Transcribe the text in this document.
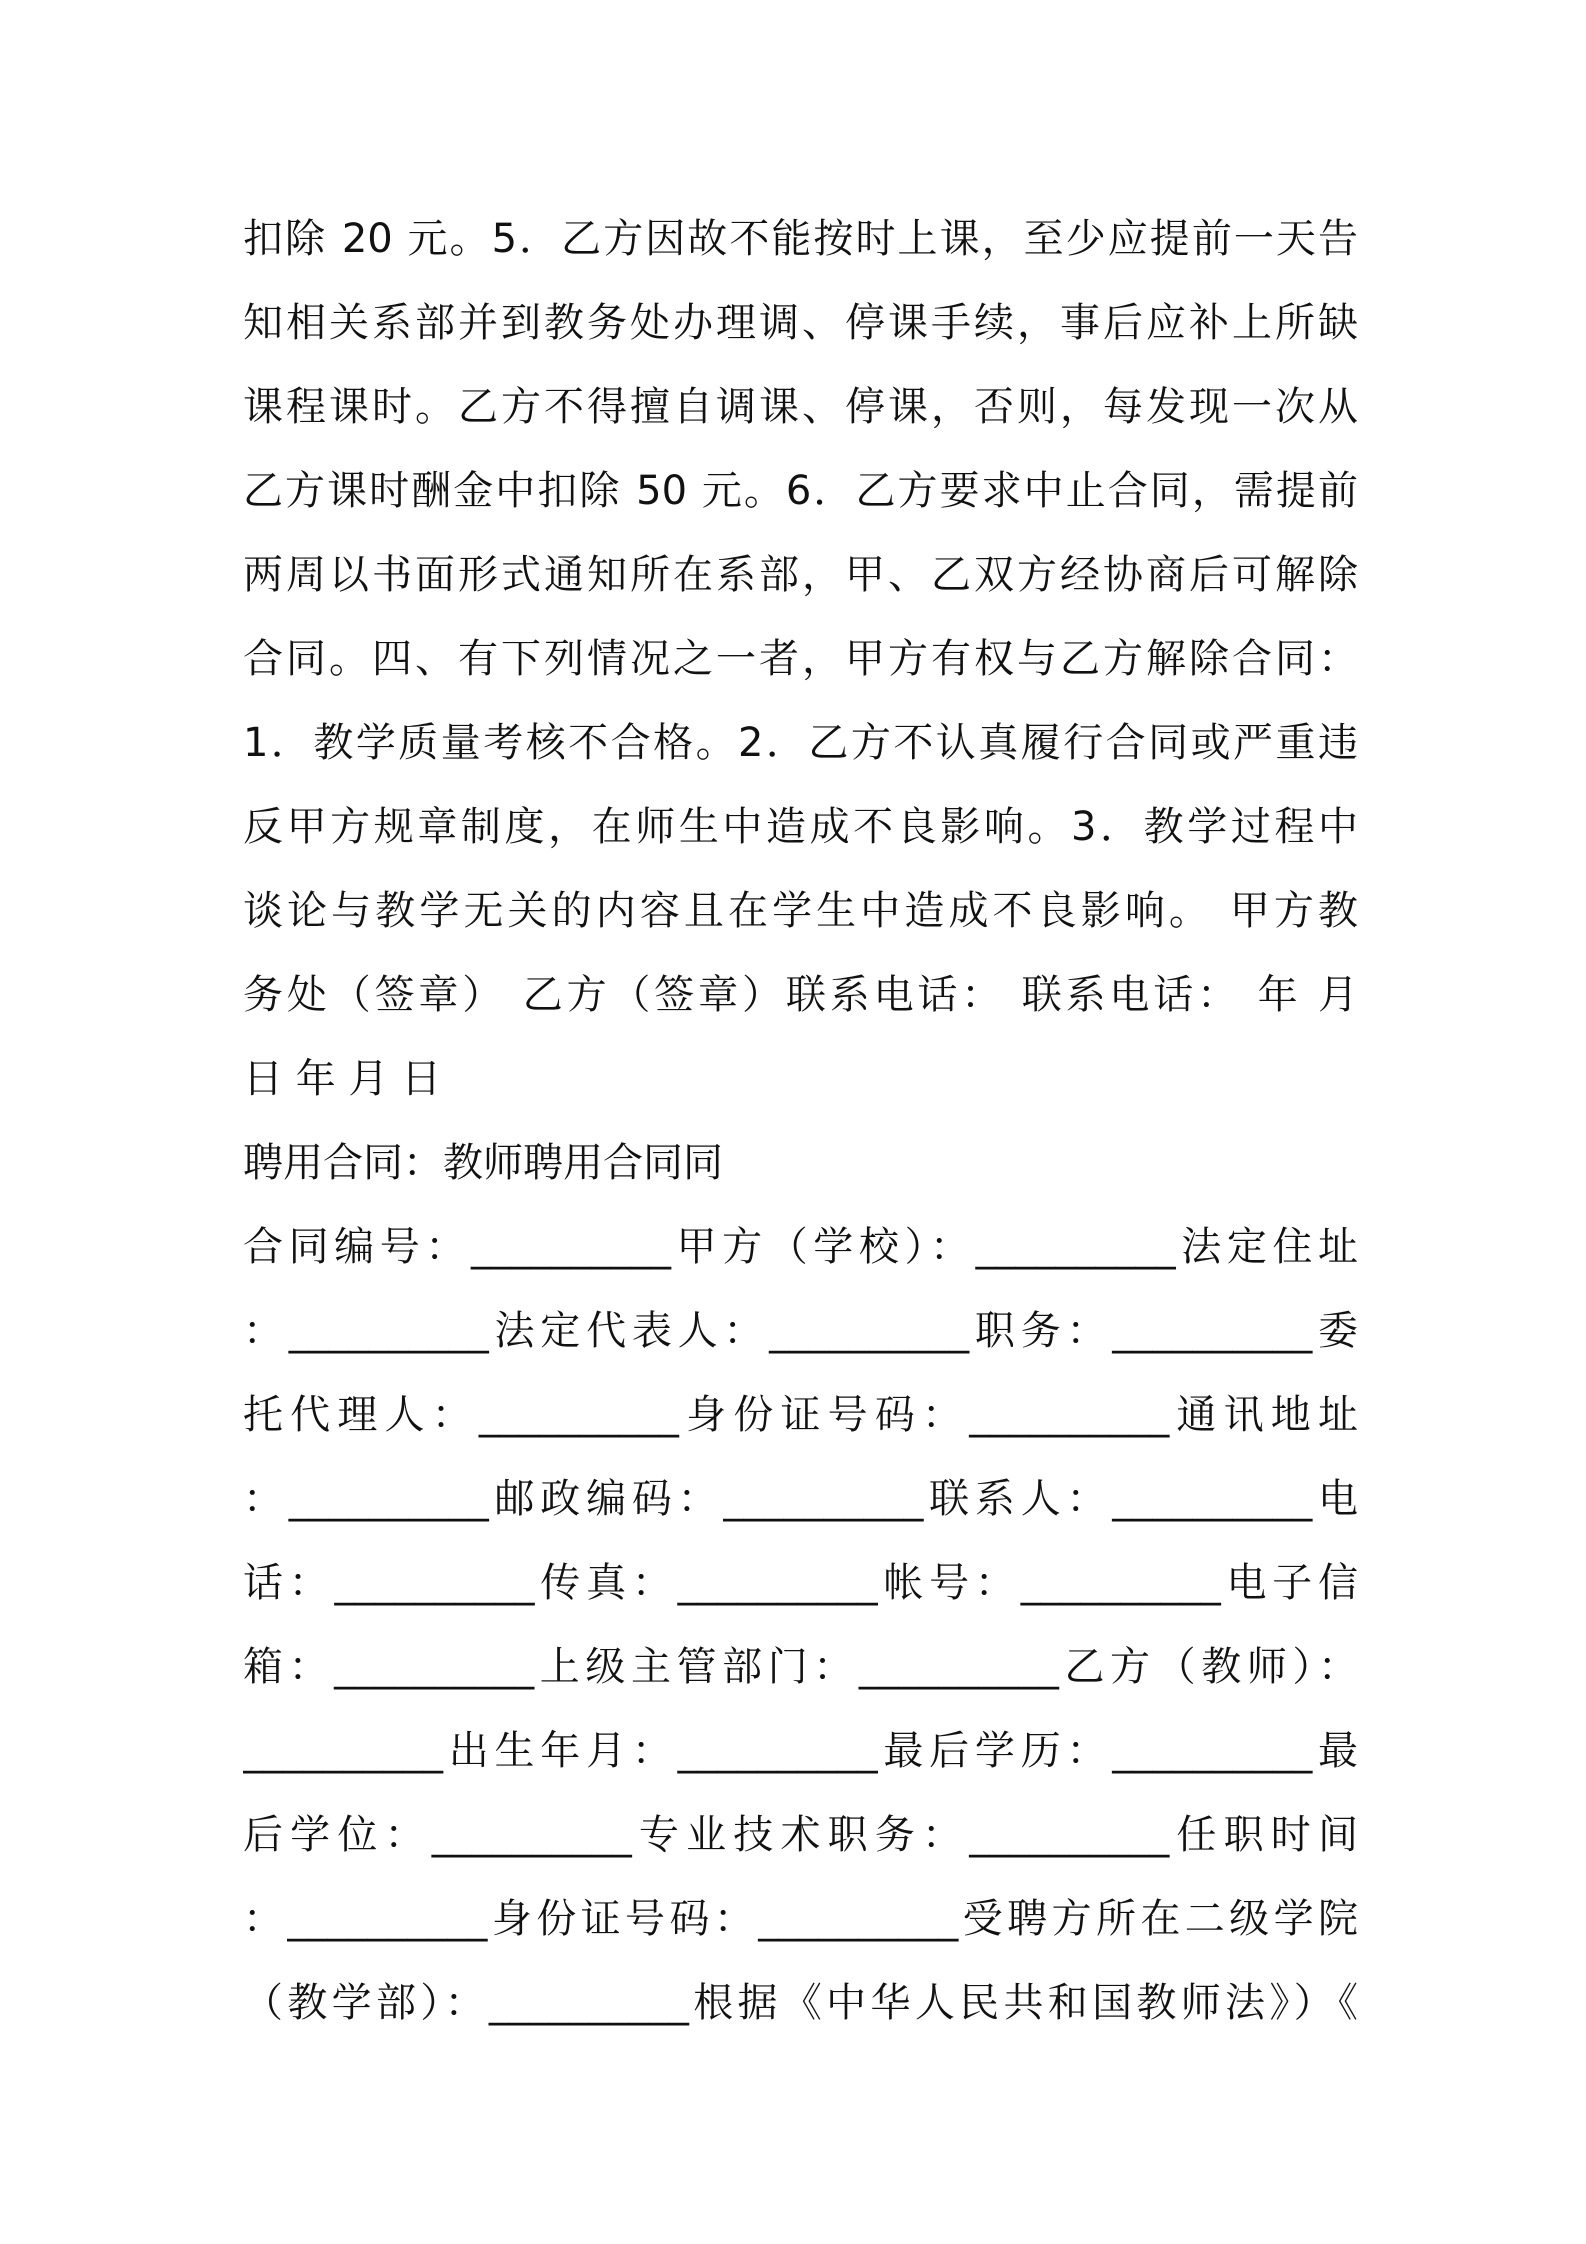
扣除 20 元。5．乙方因故不能按时上课，至少应提前一天告
知相关系部并到教务处办理调、停课手续，事后应补上所缺
课程课时。乙方不得擅自调课、停课，否则，每发现一次从
乙方课时酬金中扣除 50 元。6．乙方要求中止合同，需提前
两周以书面形式通知所在系部，甲、乙双方经协商后可解除
合同。四、有下列情况之一者，甲方有权与乙方解除合同：
1．教学质量考核不合格。2．乙方不认真履行合同或严重违
反甲方规章制度，在师生中造成不良影响。3．教学过程中
谈论与教学无关的内容且在学生中造成不良影响。 甲方教
务处（签章） 乙方（签章）联系电话： 联系电话： 年 月
日 年 月 日
聘用合同：教师聘用合同同
合同编号：__________甲方（学校）：__________法定住址
：__________法定代表人：__________职务：__________委
托代理人：__________身份证号码：__________通讯地址
：__________邮政编码：__________联系人：__________电
话：__________传真：__________帐号：__________电子信
箱：__________上级主管部门：__________乙方（教师）：
__________出生年月：__________最后学历：__________最
后学位：__________专业技术职务：__________任职时间
：__________身份证号码：__________受聘方所在二级学院
（教学部）：__________根据《中华人民共和国教师法》）《
